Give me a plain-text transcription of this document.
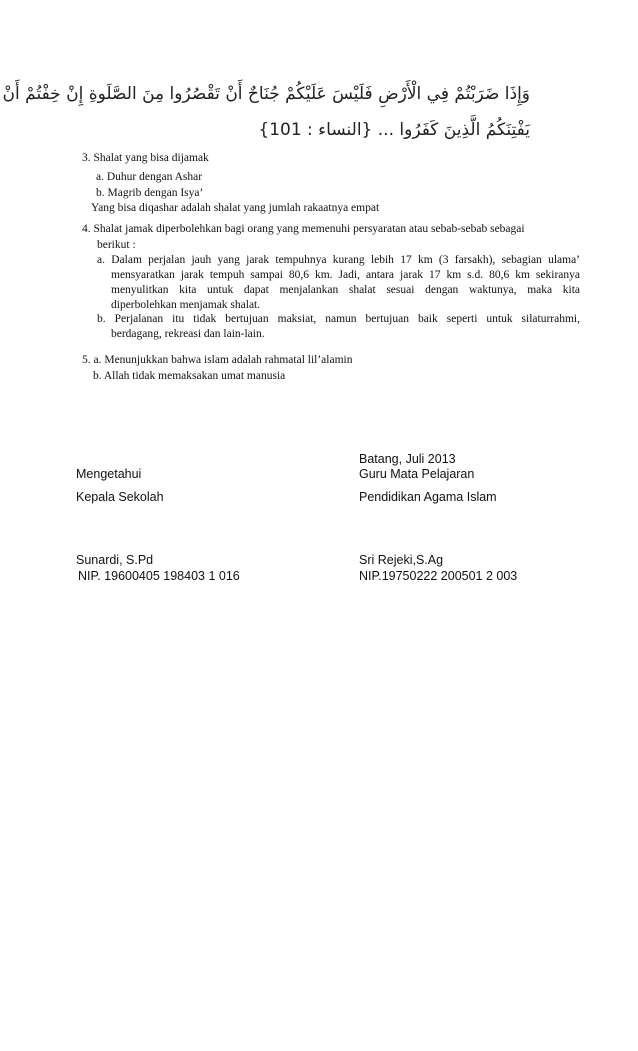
وَإِذَا ضَرَبْتُمْ فِي الْأَرْضِ فَلَيْسَ عَلَيْكُمْ جُنَاحٌ أَنْ تَقْصُرُوا مِنَ الصَّلَوةِ إِنْ خِفْتُمْ أَنْ
يَفْتِنَكُمُ الَّذِينَ كَفَرُوا ... {النساء : 101}
3. Shalat yang bisa dijamak
a. Duhur dengan Ashar
b. Magrib dengan Isya’
Yang bisa diqashar adalah shalat yang jumlah rakaatnya empat
4. Shalat jamak diperbolehkan bagi orang yang memenuhi persyaratan atau sebab-sebab sebagai
berikut :
a. Dalam perjalan jauh yang jarak tempuhnya kurang lebih 17 km (3 farsakh), sebagian ulama’
mensyaratkan jarak tempuh sampai 80,6 km. Jadi, antara jarak 17 km s.d. 80,6 km sekiranya
menyulitkan kita untuk dapat menjalankan shalat sesuai dengan waktunya, maka kita
diperbolehkan menjamak shalat.
b. Perjalanan itu tidak bertujuan maksiat, namun bertujuan baik seperti untuk silaturrahmi,
berdagang, rekreasi dan lain-lain.
5. a. Menunjukkan bahwa islam adalah rahmatal lil’alamin
b. Allah tidak memaksakan umat manusia
Batang, Juli 2013
Mengetahui	Guru Mata Pelajaran
Kepala Sekolah	Pendidikan Agama Islam
Sunardi, S.Pd	Sri Rejeki,S.Ag
NIP. 19600405 198403 1 016	NIP.19750222 200501 2 003
